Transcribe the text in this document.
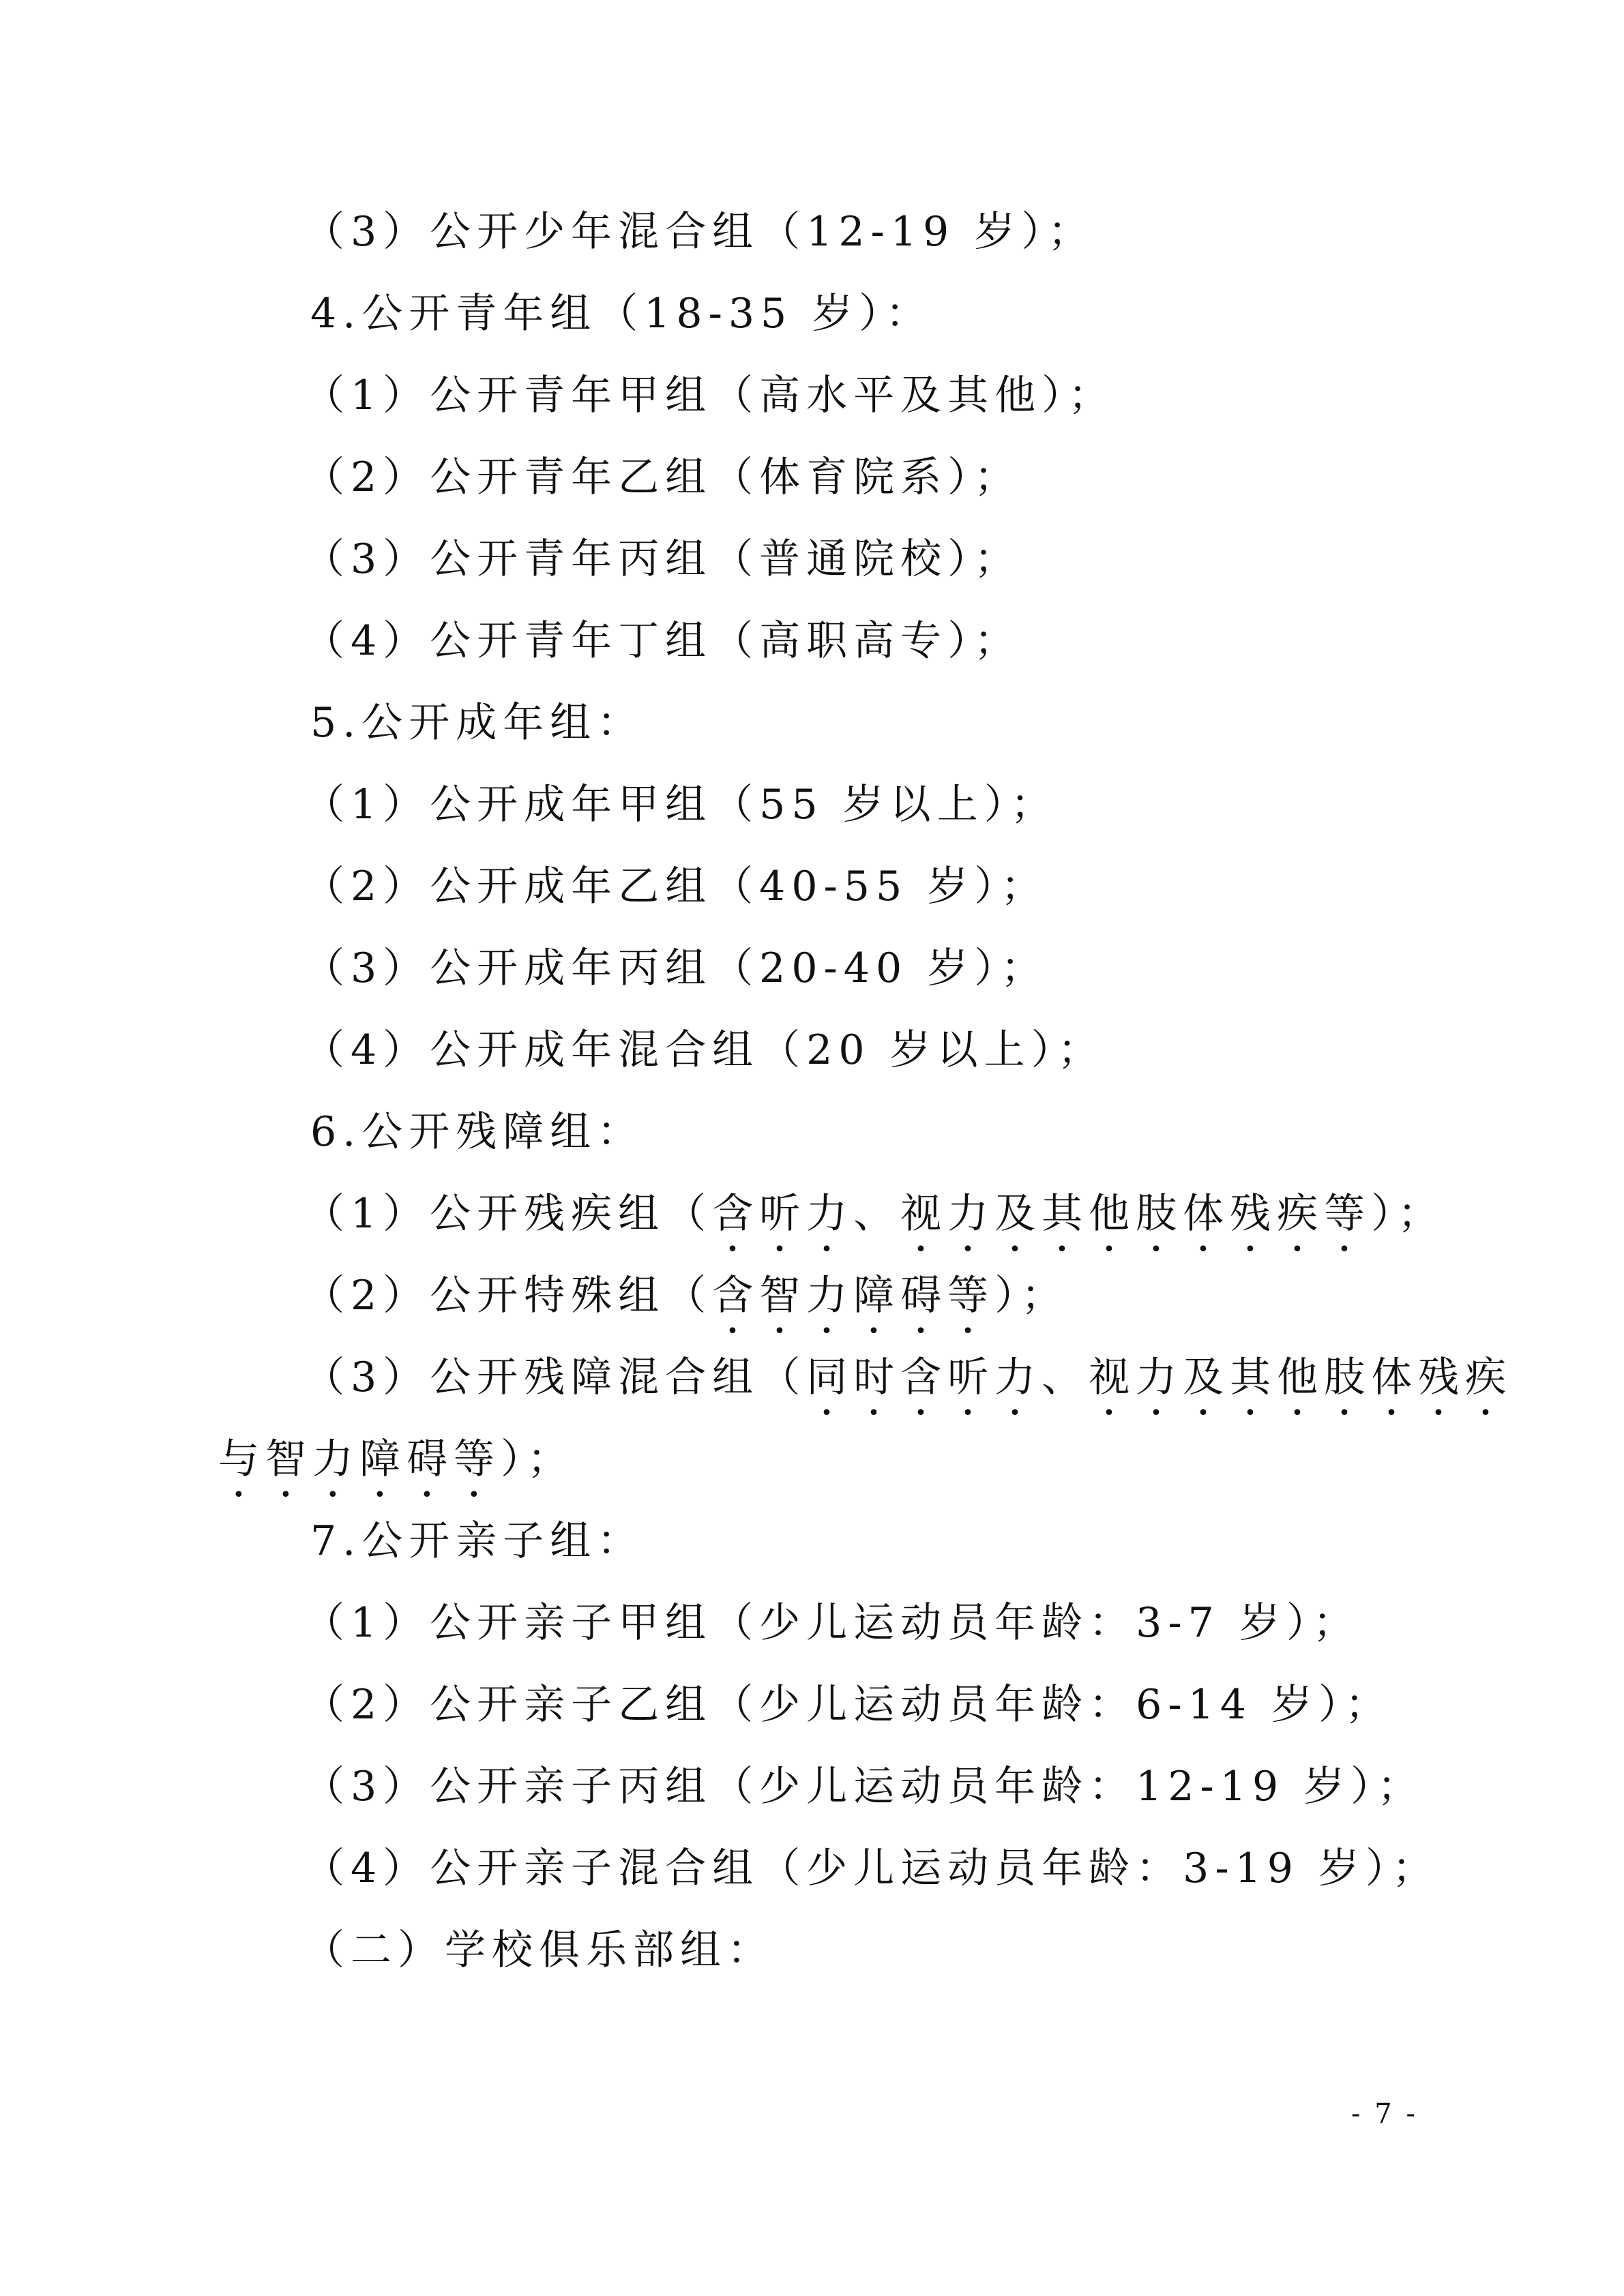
（3）公开少年混合组（12-19 岁）；
4.公开青年组（18-35 岁）：
（1）公开青年甲组（高水平及其他）；
（2）公开青年乙组（体育院系）；
（3）公开青年丙组（普通院校）；
（4）公开青年丁组（高职高专）；
5.公开成年组：
（1）公开成年甲组（55 岁以上）；
（2）公开成年乙组（40-55 岁）；
（3）公开成年丙组（20-40 岁）；
（4）公开成年混合组（20 岁以上）；
6.公开残障组：
（1）公开残疾组（含听力、视力及其他肢体残疾等）；
（2）公开特殊组（含智力障碍等）；
（3）公开残障混合组（同时含听力、视力及其他肢体残疾
与智力障碍等）；
7.公开亲子组：
（1）公开亲子甲组（少儿运动员年龄：3-7 岁）；
（2）公开亲子乙组（少儿运动员年龄：6-14 岁）；
（3）公开亲子丙组（少儿运动员年龄：12-19 岁）；
（4）公开亲子混合组（少儿运动员年龄：3-19 岁）；
（二）学校俱乐部组：
- 7 -
